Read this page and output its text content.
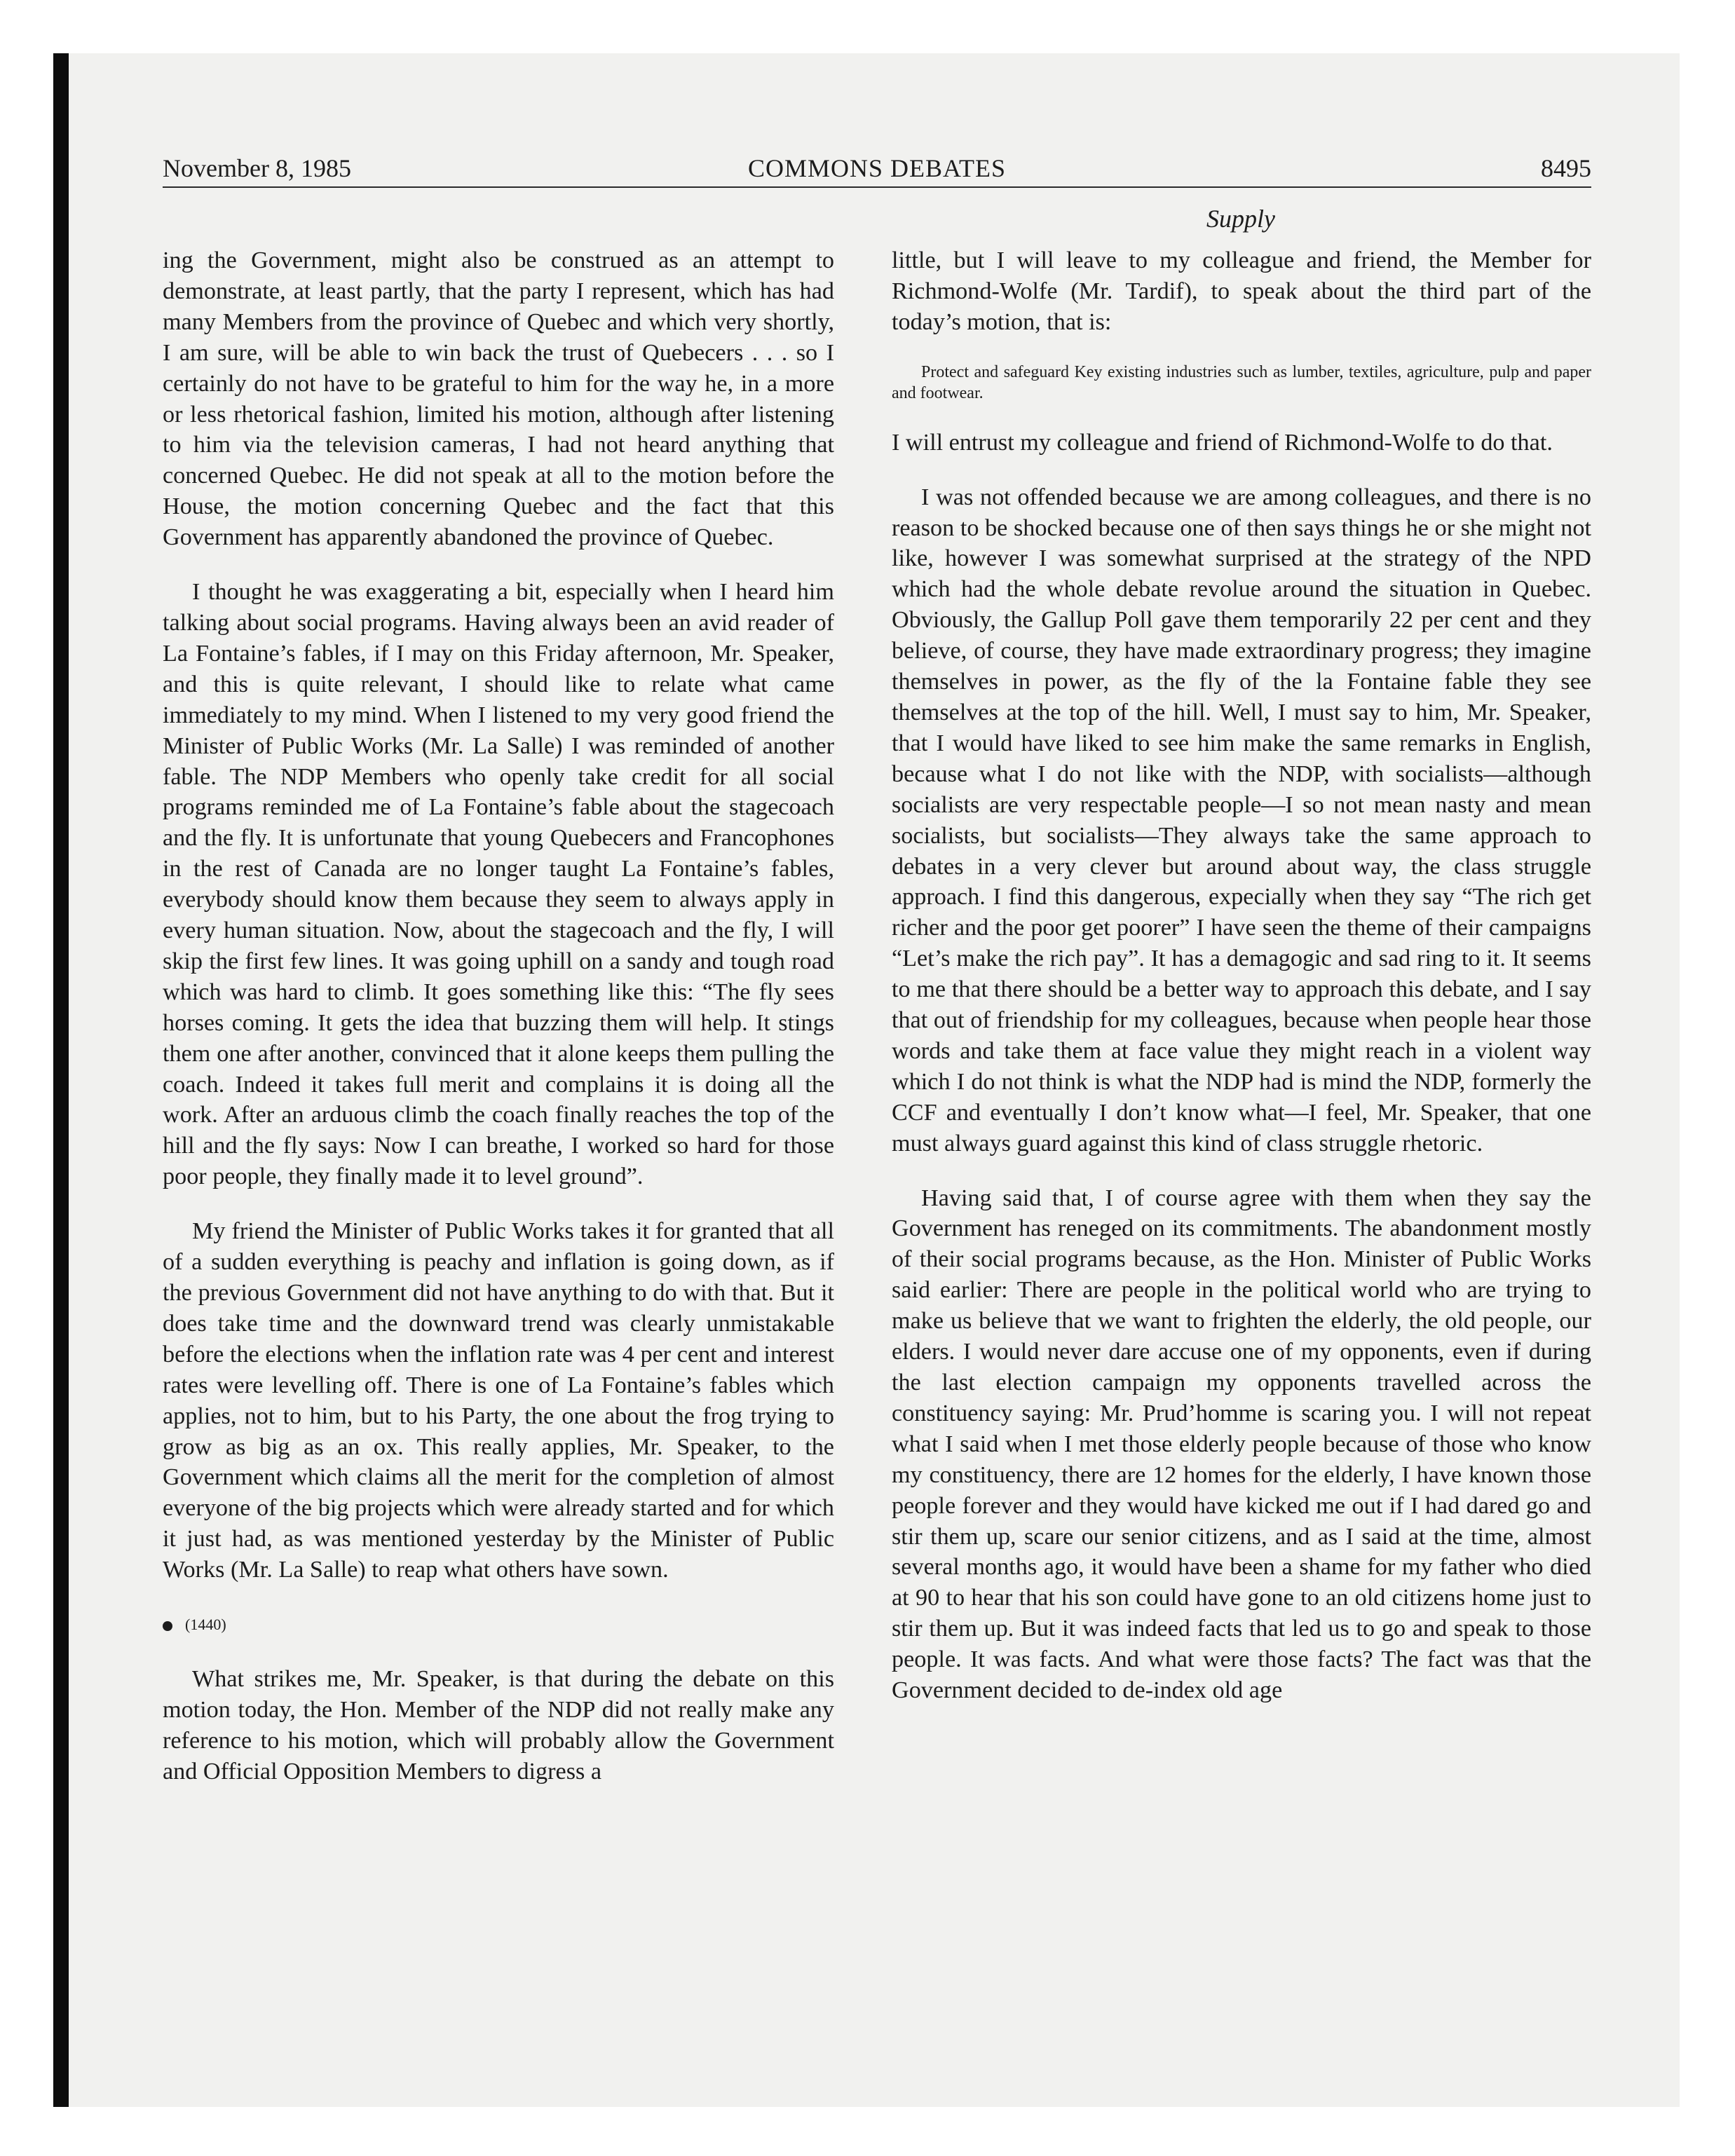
November 8, 1985	COMMONS DEBATES	8495
Supply

ing the Government, might also be construed as an attempt to demonstrate, at least partly, that the party I represent, which has had many Members from the province of Quebec and which very shortly, I am sure, will be able to win back the trust of Quebecers . . . so I certainly do not have to be grateful to him for the way he, in a more or less rhetorical fashion, limited his motion, although after listening to him via the television cameras, I had not heard anything that concerned Quebec. He did not speak at all to the motion before the House, the motion concerning Quebec and the fact that this Government has apparently abandoned the province of Quebec.

I thought he was exaggerating a bit, especially when I heard him talking about social programs. Having always been an avid reader of La Fontaine’s fables, if I may on this Friday afternoon, Mr. Speaker, and this is quite relevant, I should like to relate what came immediately to my mind. When I listened to my very good friend the Minister of Public Works (Mr. La Salle) I was reminded of another fable. The NDP Members who openly take credit for all social programs reminded me of La Fontaine’s fable about the stagecoach and the fly. It is unfortunate that young Quebecers and Francophones in the rest of Canada are no longer taught La Fontaine’s fables, everybody should know them because they seem to always apply in every human situation. Now, about the stagecoach and the fly, I will skip the first few lines. It was going uphill on a sandy and tough road which was hard to climb. It goes something like this: “The fly sees horses coming. It gets the idea that buzzing them will help. It stings them one after another, convinced that it alone keeps them pulling the coach. Indeed it takes full merit and complains it is doing all the work. After an arduous climb the coach finally reaches the top of the hill and the fly says: Now I can breathe, I worked so hard for those poor people, they finally made it to level ground”.

My friend the Minister of Public Works takes it for granted that all of a sudden everything is peachy and inflation is going down, as if the previous Government did not have anything to do with that. But it does take time and the downward trend was clearly unmistakable before the elections when the inflation rate was 4 per cent and interest rates were levelling off. There is one of La Fontaine’s fables which applies, not to him, but to his Party, the one about the frog trying to grow as big as an ox. This really applies, Mr. Speaker, to the Government which claims all the merit for the completion of almost everyone of the big projects which were already started and for which it just had, as was mentioned yesterday by the Minister of Public Works (Mr. La Salle) to reap what others have sown.

(1440)

What strikes me, Mr. Speaker, is that during the debate on this motion today, the Hon. Member of the NDP did not really make any reference to his motion, which will probably allow the Government and Official Opposition Members to digress a

little, but I will leave to my colleague and friend, the Member for Richmond-Wolfe (Mr. Tardif), to speak about the third part of the today’s motion, that is:

Protect and safeguard Key existing industries such as lumber, textiles, agriculture, pulp and paper and footwear.

I will entrust my colleague and friend of Richmond-Wolfe to do that.

I was not offended because we are among colleagues, and there is no reason to be shocked because one of then says things he or she might not like, however I was somewhat surprised at the strategy of the NPD which had the whole debate revolue around the situation in Quebec. Obviously, the Gallup Poll gave them temporarily 22 per cent and they believe, of course, they have made extraordinary progress; they imagine themselves in power, as the fly of the la Fontaine fable they see themselves at the top of the hill. Well, I must say to him, Mr. Speaker, that I would have liked to see him make the same remarks in English, because what I do not like with the NDP, with socialists—although socialists are very respectable people—I so not mean nasty and mean socialists, but socialists—They always take the same approach to debates in a very clever but around about way, the class struggle approach. I find this dangerous, expecially when they say “The rich get richer and the poor get poorer” I have seen the theme of their campaigns “Let’s make the rich pay”. It has a demagogic and sad ring to it. It seems to me that there should be a better way to approach this debate, and I say that out of friendship for my colleagues, because when people hear those words and take them at face value they might reach in a violent way which I do not think is what the NDP had is mind the NDP, formerly the CCF and eventually I don’t know what—I feel, Mr. Speaker, that one must always guard against this kind of class struggle rhetoric.

Having said that, I of course agree with them when they say the Government has reneged on its commitments. The abandonment mostly of their social programs because, as the Hon. Minister of Public Works said earlier: There are people in the political world who are trying to make us believe that we want to frighten the elderly, the old people, our elders. I would never dare accuse one of my opponents, even if during the last election campaign my opponents travelled across the constituency saying: Mr. Prud’homme is scaring you. I will not repeat what I said when I met those elderly people because of those who know my constituency, there are 12 homes for the elderly, I have known those people forever and they would have kicked me out if I had dared go and stir them up, scare our senior citizens, and as I said at the time, almost several months ago, it would have been a shame for my father who died at 90 to hear that his son could have gone to an old citizens home just to stir them up. But it was indeed facts that led us to go and speak to those people. It was facts. And what were those facts? The fact was that the Government decided to de-index old age
